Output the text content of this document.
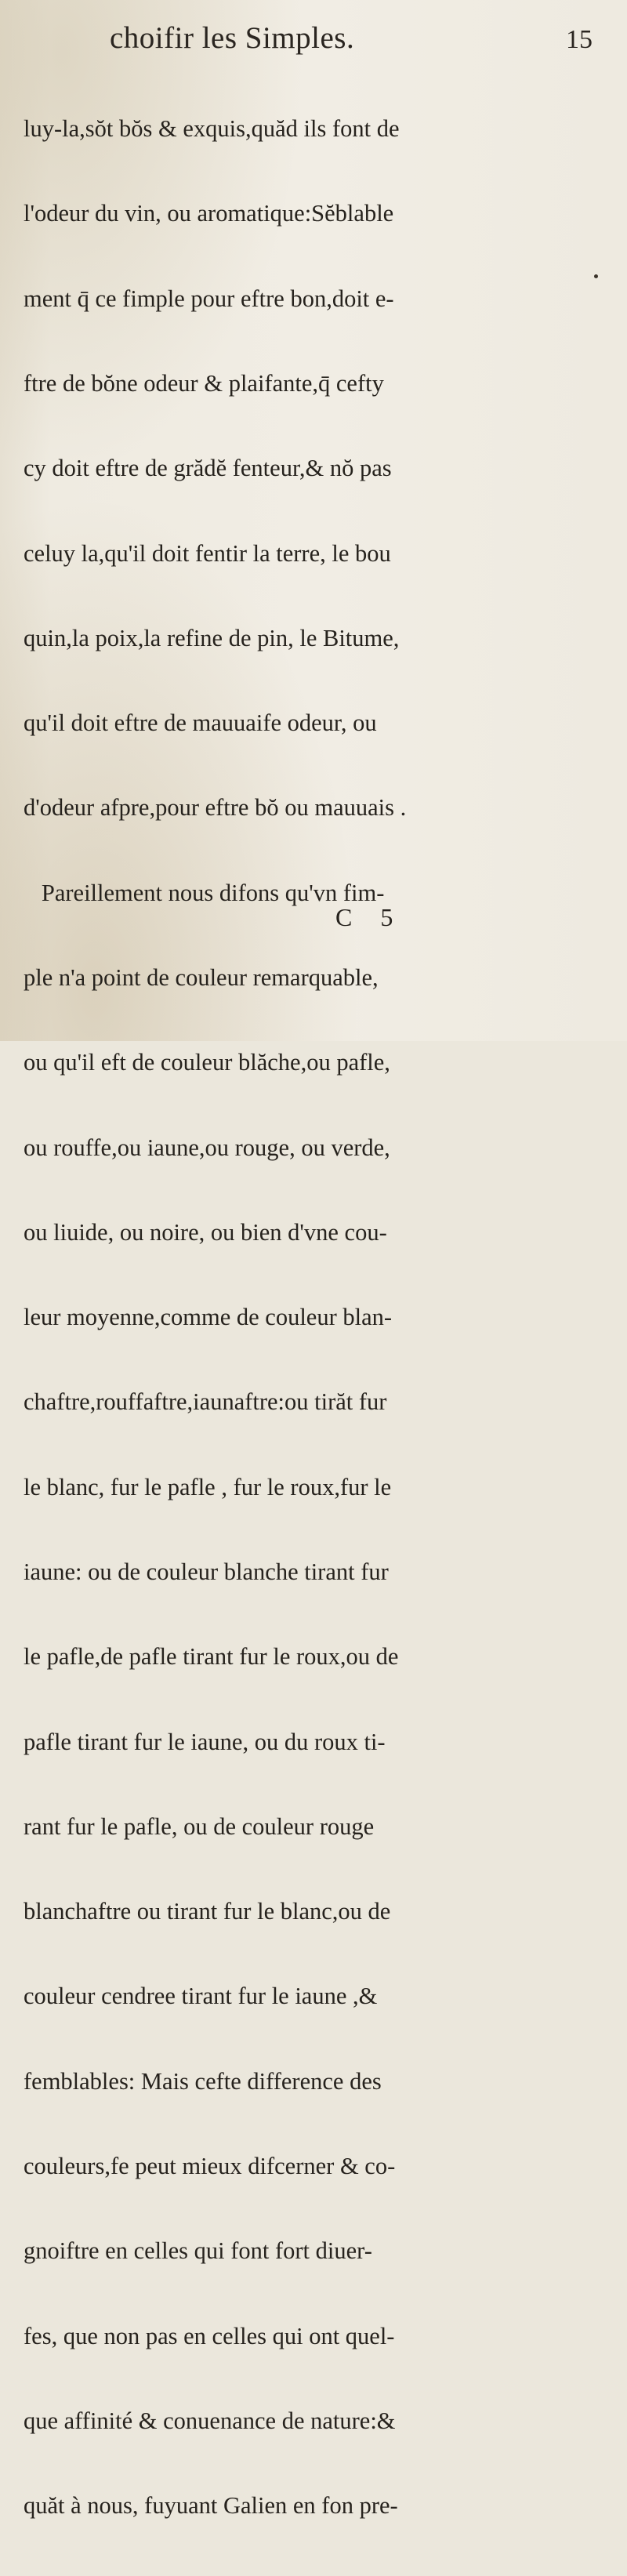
choifir les Simples.	15

luy-la,sŏt bŏs & exquis,quăd ils font de

l'odeur du vin, ou aromatique:Sĕblable

ment q̄ ce fimple pour eftre bon,doit e-

ftre de bŏne odeur & plaifante,q̄ cefty

cy doit eftre de grădĕ fenteur,& nŏ pas

celuy la,qu'il doit fentir la terre, le bou

quin,la poix,la refine de pin, le Bitume,

qu'il doit eftre de mauuaife odeur, ou

d'odeur afpre,pour eftre bŏ ou mauuais .

Pareillement nous difons qu'vn fim-

ple n'a point de couleur remarquable,

ou qu'il eft de couleur blăche,ou pafle,

ou rouffe,ou iaune,ou rouge, ou verde,

ou liuide, ou noire, ou bien d'vne cou-

leur moyenne,comme de couleur blan-

chaftre,rouffaftre,iaunaftre:ou tirăt fur

le blanc, fur le pafle , fur le roux,fur le

iaune: ou de couleur blanche tirant fur

le pafle,de pafle tirant fur le roux,ou de

pafle tirant fur le iaune, ou du roux ti-

rant fur le pafle, ou de couleur rouge

blanchaftre ou tirant fur le blanc,ou de

couleur cendree tirant fur le iaune ,&

femblables: Mais cefte difference des

couleurs,fe peut mieux difcerner & co-

gnoiftre en celles qui font fort diuer-

fes, que non pas en celles qui ont quel-

que affinité & conuenance de nature:&

quăt à nous, fuyuant Galien en fon pre-

C 5
